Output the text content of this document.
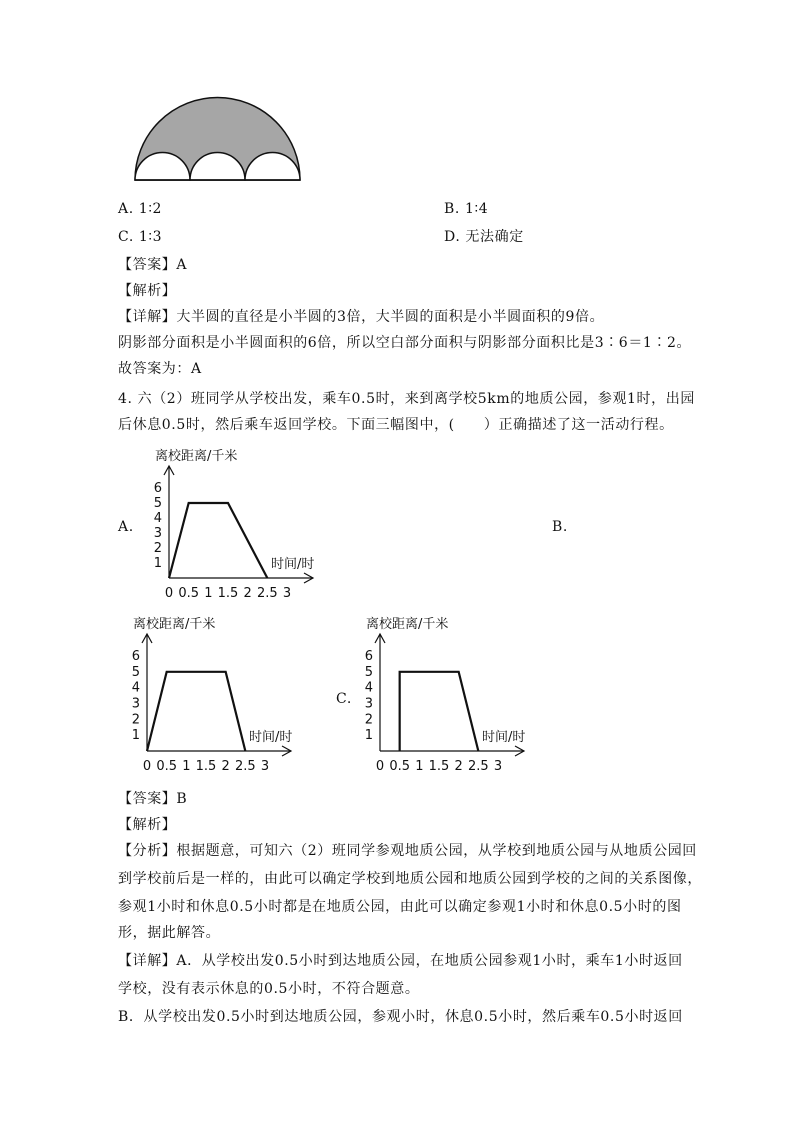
A. 1∶2	B. 1∶4
C. 1∶3	D. 无法确定
【答案】A
【解析】
【详解】大半圆的直径是小半圆的3倍，大半圆的面积是小半圆面积的9倍。
阴影部分面积是小半圆面积的6倍，所以空白部分面积与阴影部分面积比是3∶6＝1∶2。
故答案为：A
4. 六（2）班同学从学校出发，乘车0.5时，来到离学校5km的地质公园，参观1时，出园
后休息0.5时，然后乘车返回学校。下面三幅图中，(　　）正确描述了这一活动行程。
A.	B.
C.
离校距离/千米
时间/时
1
2
3
4
5
6
0 0.5 1 1.5 2 2.5 3
离校距离/千米
时间/时
1
2
3
4
5
6
0 0.5 1 1.5 2 2.5 3
离校距离/千米
时间/时
1
2
3
4
5
6
0 0.5 1 1.5 2 2.5 3
【答案】B
【解析】
【分析】根据题意，可知六（2）班同学参观地质公园，从学校到地质公园与从地质公园回
到学校前后是一样的，由此可以确定学校到地质公园和地质公园到学校的之间的关系图像，
参观1小时和休息0.5小时都是在地质公园，由此可以确定参观1小时和休息0.5小时的图
形，据此解答。
【详解】A．从学校出发0.5小时到达地质公园，在地质公园参观1小时，乘车1小时返回
学校，没有表示休息的0.5小时，不符合题意。
B．从学校出发0.5小时到达地质公园，参观小时，休息0.5小时，然后乘车0.5小时返回
